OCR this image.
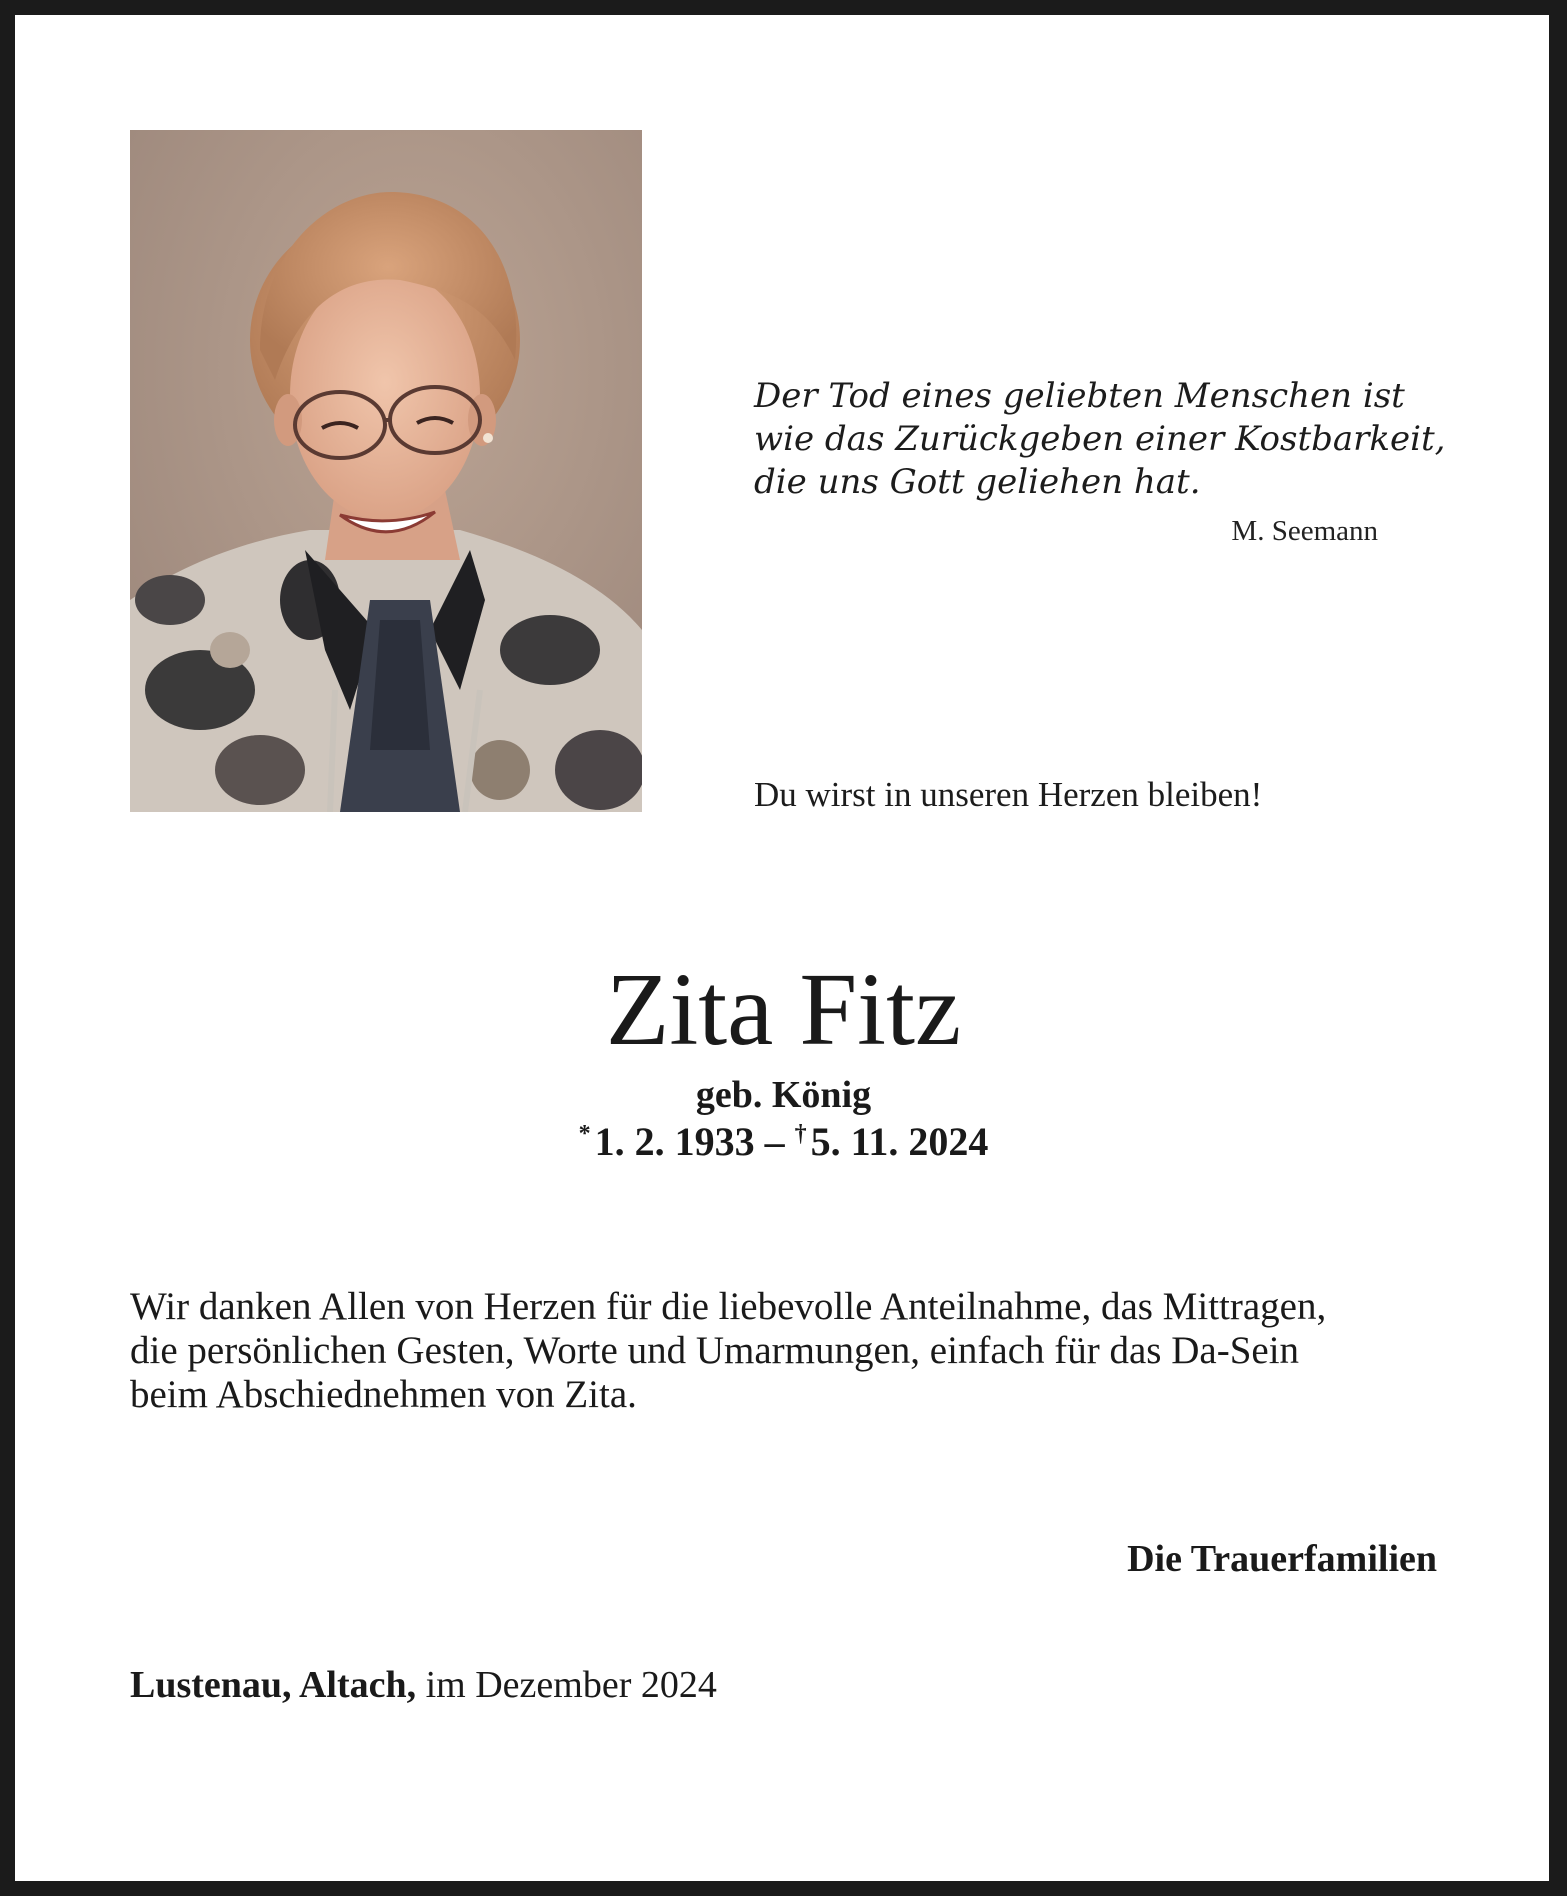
Der Tod eines geliebten Menschen ist
wie das Zurückgeben einer Kostbarkeit,
die uns Gott geliehen hat.
M. Seemann
Du wirst in unseren Herzen bleiben!
Zita Fitz
geb. König
* 1. 2. 1933 – † 5. 11. 2024
Wir danken Allen von Herzen für die liebevolle Anteilnahme, das Mittragen,
die persönlichen Gesten, Worte und Umarmungen, einfach für das Da-Sein
beim Abschiednehmen von Zita.
Die Trauerfamilien
Lustenau, Altach, im Dezember 2024
